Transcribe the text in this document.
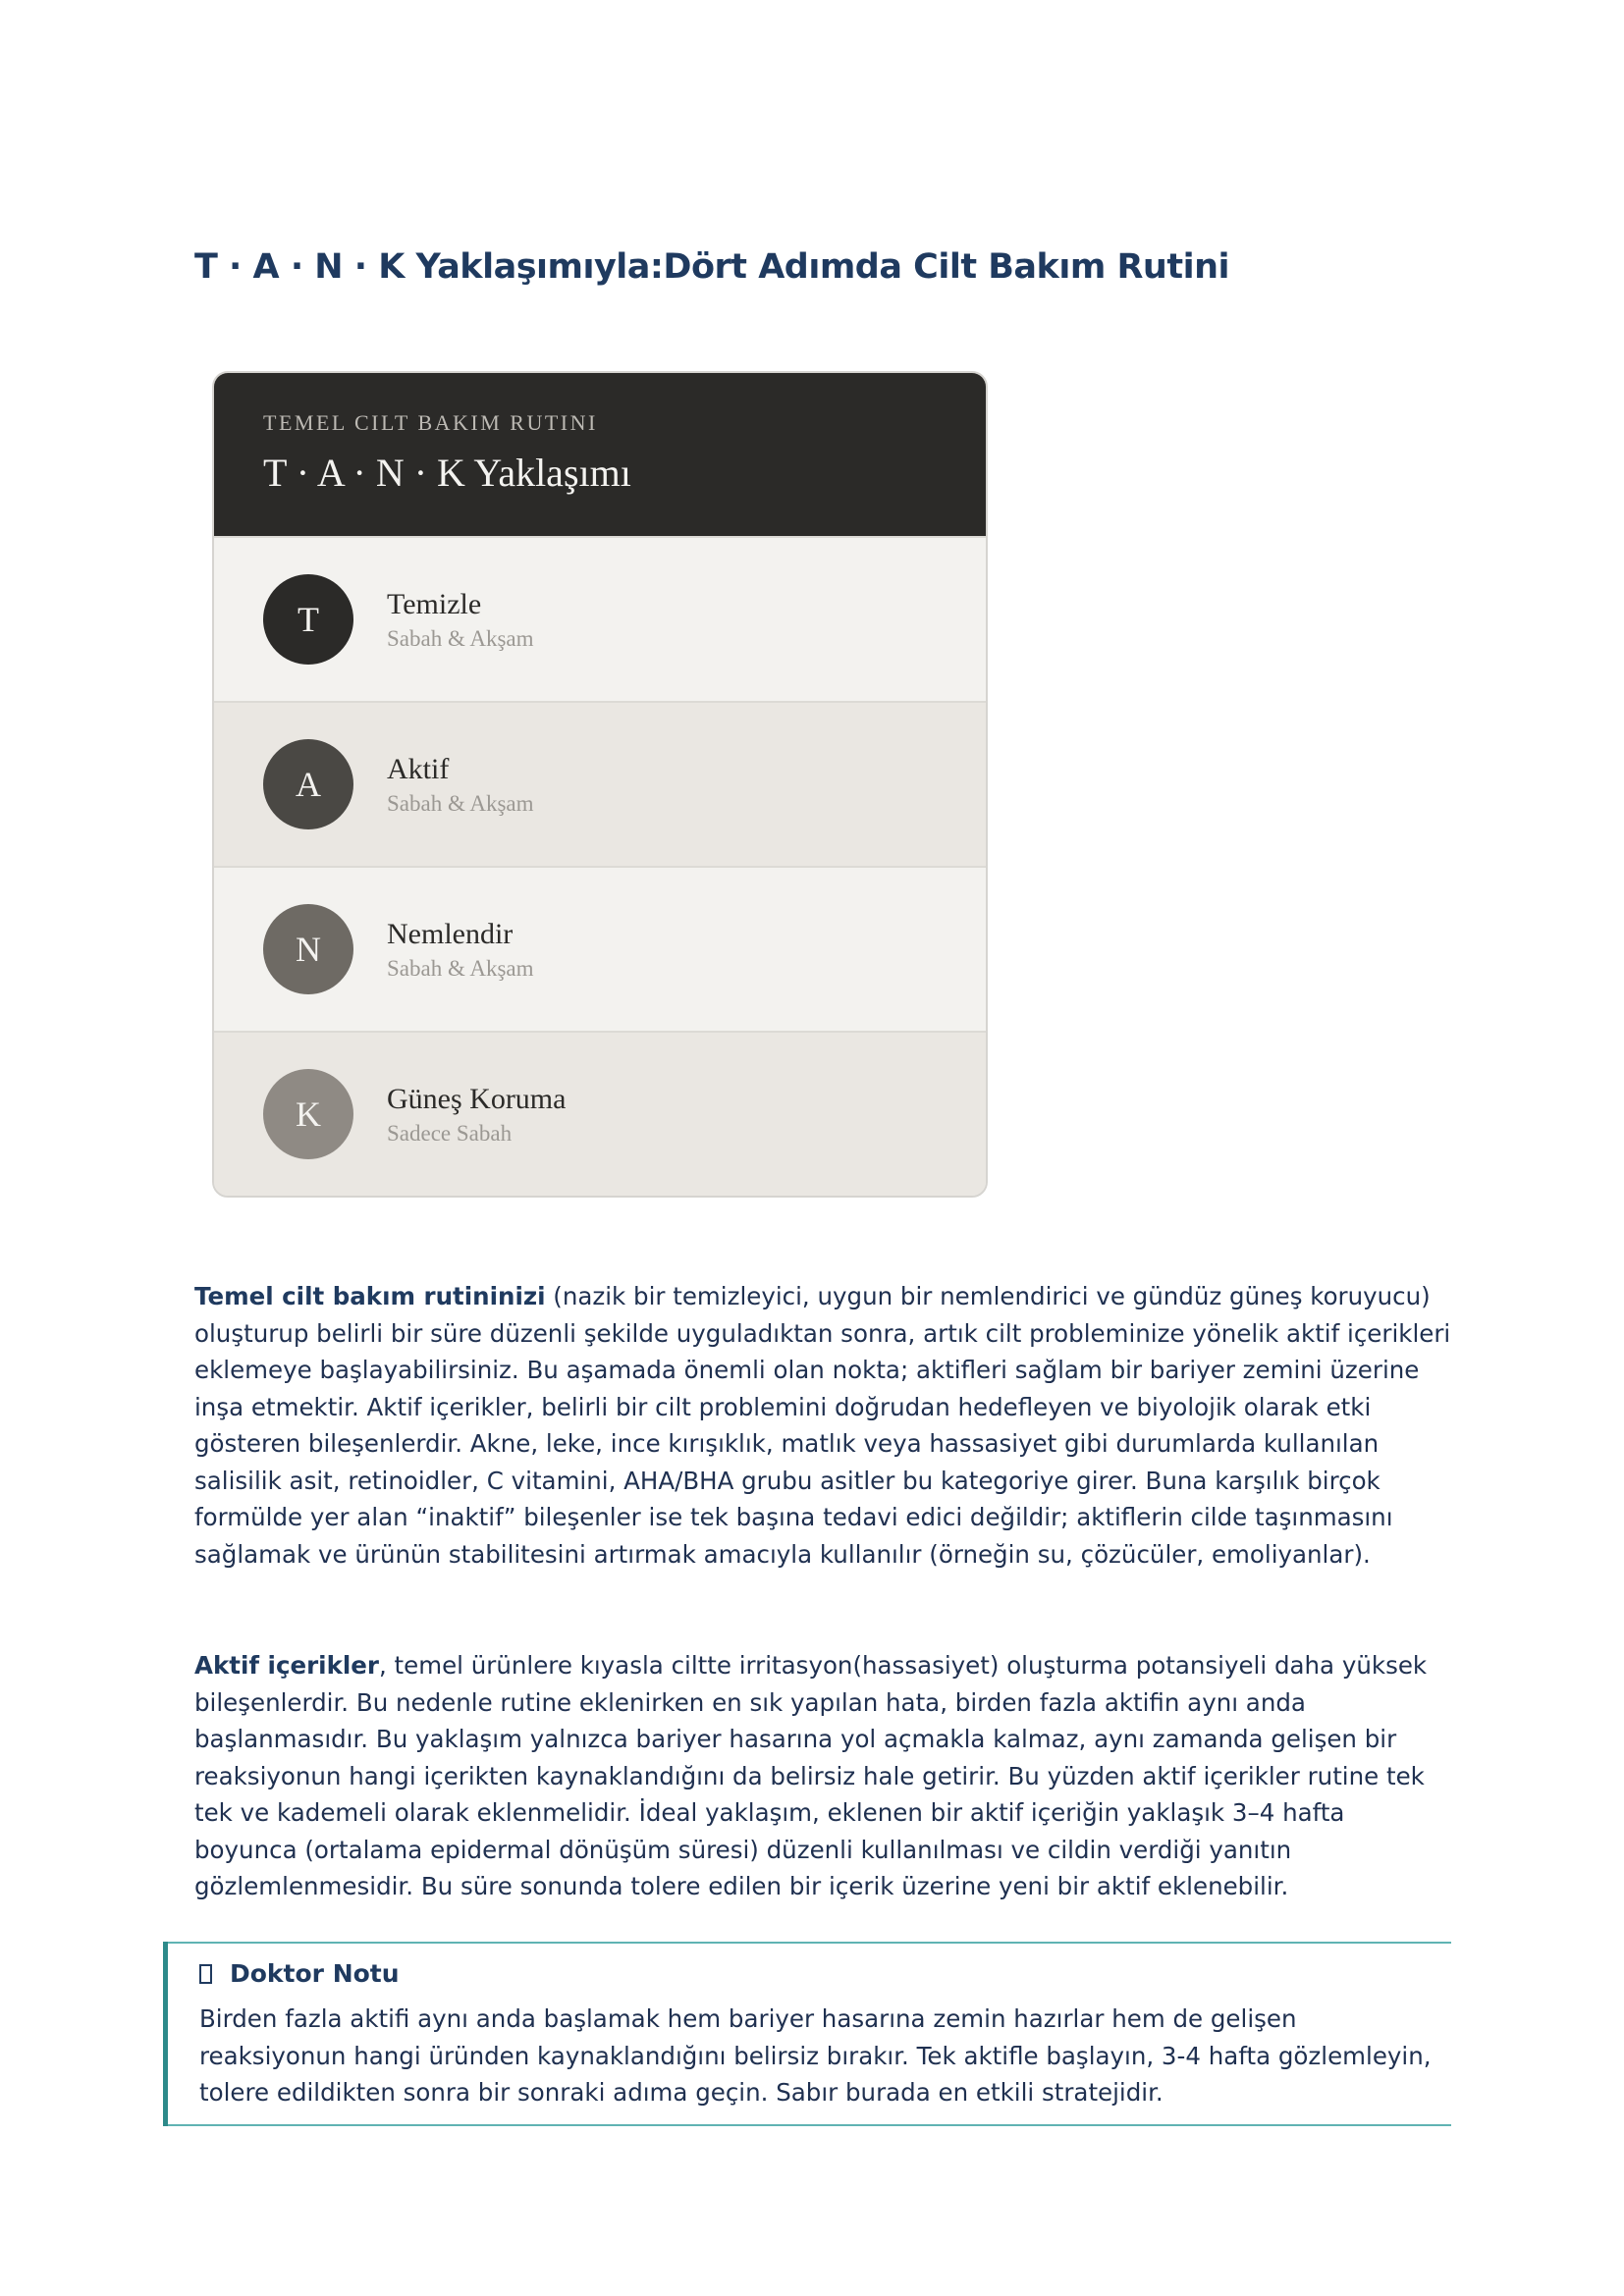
T · A · N · K Yaklaşımıyla:Dört Adımda Cilt Bakım Rutini

TEMEL CILT BAKIM RUTINI

T · A · N · K Yaklaşımı
T	Temizle

Sabah & Akşam

A	Aktif

Sabah & Akşam

N	Nemlendir

Sabah & Akşam

K	Güneş Koruma

Sadece Sabah

Temel cilt bakım rutininizi (nazik bir temizleyici, uygun bir nemlendirici ve gündüz güneş koruyucu) oluşturup belirli bir süre düzenli şekilde uyguladıktan sonra, artık cilt probleminize yönelik aktif içerikleri eklemeye başlayabilirsiniz. Bu aşamada önemli olan nokta; aktifleri sağlam bir bariyer zemini üzerine inşa etmektir. Aktif içerikler, belirli bir cilt problemini doğrudan hedefleyen ve biyolojik olarak etki gösteren bileşenlerdir. Akne, leke, ince kırışıklık, matlık veya hassasiyet gibi durumlarda kullanılan salisilik asit, retinoidler, C vitamini, AHA/BHA grubu asitler bu kategoriye girer. Buna karşılık birçok formülde yer alan “inaktif” bileşenler ise tek başına tedavi edici değildir; aktiflerin cilde taşınmasını sağlamak ve ürünün stabilitesini artırmak amacıyla kullanılır (örneğin su, çözücüler, emoliyanlar).

Aktif içerikler, temel ürünlere kıyasla ciltte irritasyon(hassasiyet) oluşturma potansiyeli daha yüksek bileşenlerdir. Bu nedenle rutine eklenirken en sık yapılan hata, birden fazla aktifin aynı anda başlanmasıdır. Bu yaklaşım yalnızca bariyer hasarına yol açmakla kalmaz, aynı zamanda gelişen bir reaksiyonun hangi içerikten kaynaklandığını da belirsiz hale getirir. Bu yüzden aktif içerikler rutine tek tek ve kademeli olarak eklenmelidir. İdeal yaklaşım, eklenen bir aktif içeriğin yaklaşık 3–4 hafta boyunca (ortalama epidermal dönüşüm süresi) düzenli kullanılması ve cildin verdiği yanıtın gözlemlenmesidir. Bu süre sonunda tolere edilen bir içerik üzerine yeni bir aktif eklenebilir.

Doktor Notu

Birden fazla aktifi aynı anda başlamak hem bariyer hasarına zemin hazırlar hem de gelişen reaksiyonun hangi üründen kaynaklandığını belirsiz bırakır. Tek aktifle başlayın, 3-4 hafta gözlemleyin, tolere edildikten sonra bir sonraki adıma geçin. Sabır burada en etkili stratejidir.
